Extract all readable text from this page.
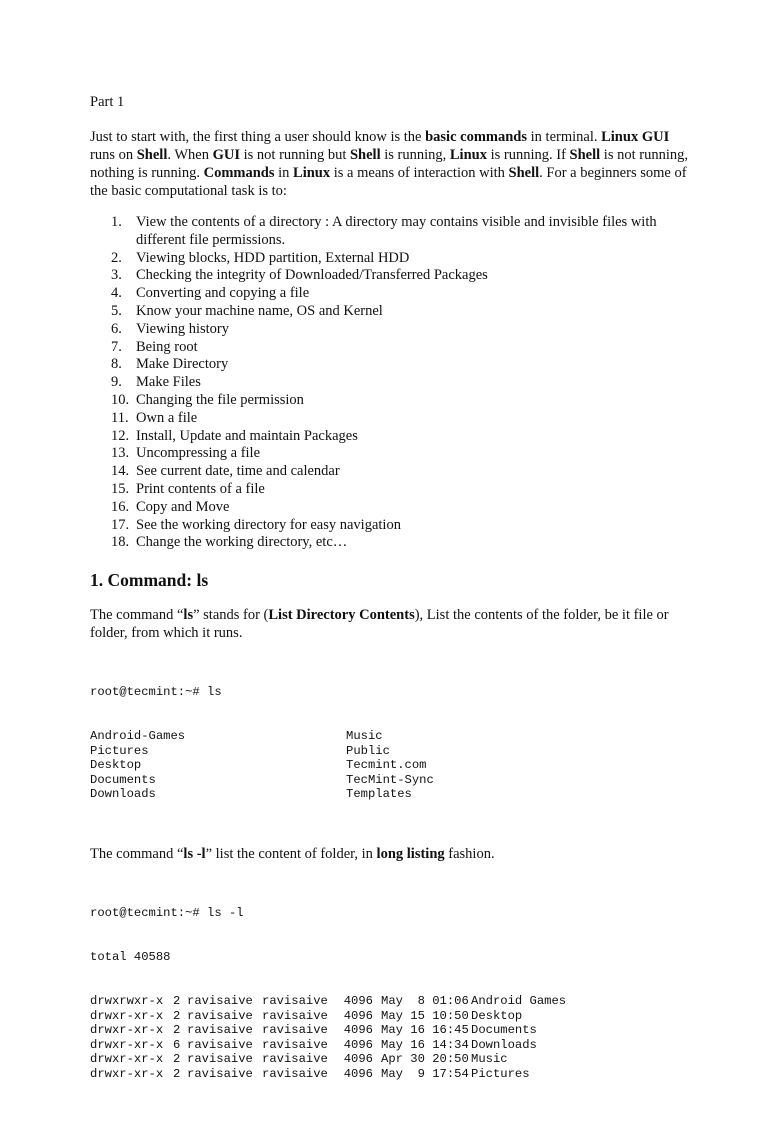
Part 1

Just to start with, the first thing a user should know is the basic commands in terminal. Linux GUI runs on Shell. When GUI is not running but Shell is running, Linux is running. If Shell is not running, nothing is running. Commands in Linux is a means of interaction with Shell. For a beginners some of the basic computational task is to:

1. View the contents of a directory : A directory may contains visible and invisible files with different file permissions.
2. Viewing blocks, HDD partition, External HDD
3. Checking the integrity of Downloaded/Transferred Packages
4. Converting and copying a file
5. Know your machine name, OS and Kernel
6. Viewing history
7. Being root
8. Make Directory
9. Make Files
10. Changing the file permission
11. Own a file
12. Install, Update and maintain Packages
13. Uncompressing a file
14. See current date, time and calendar
15. Print contents of a file
16. Copy and Move
17. See the working directory for easy navigation
18. Change the working directory, etc…
1. Command: ls

The command “ls” stands for (List Directory Contents), List the contents of the folder, be it file or folder, from which it runs.

root@tecmint:~# ls

Android-Games	Music
Pictures	Public
Desktop	Tecmint.com
Documents	TecMint-Sync
Downloads	Templates

The command “ls -l” list the content of folder, in long listing fashion.

root@tecmint:~# ls -l

total 40588

drwxrwxr-x 2 ravisaive ravisaive	4096 May  8 01:06 Android Games
drwxr-xr-x 2 ravisaive ravisaive	4096 May 15 10:50 Desktop
drwxr-xr-x 2 ravisaive ravisaive	4096 May 16 16:45 Documents
drwxr-xr-x 6 ravisaive ravisaive	4096 May 16 14:34 Downloads
drwxr-xr-x 2 ravisaive ravisaive	4096 Apr 30 20:50 Music
drwxr-xr-x 2 ravisaive ravisaive	4096 May  9 17:54 Pictures
